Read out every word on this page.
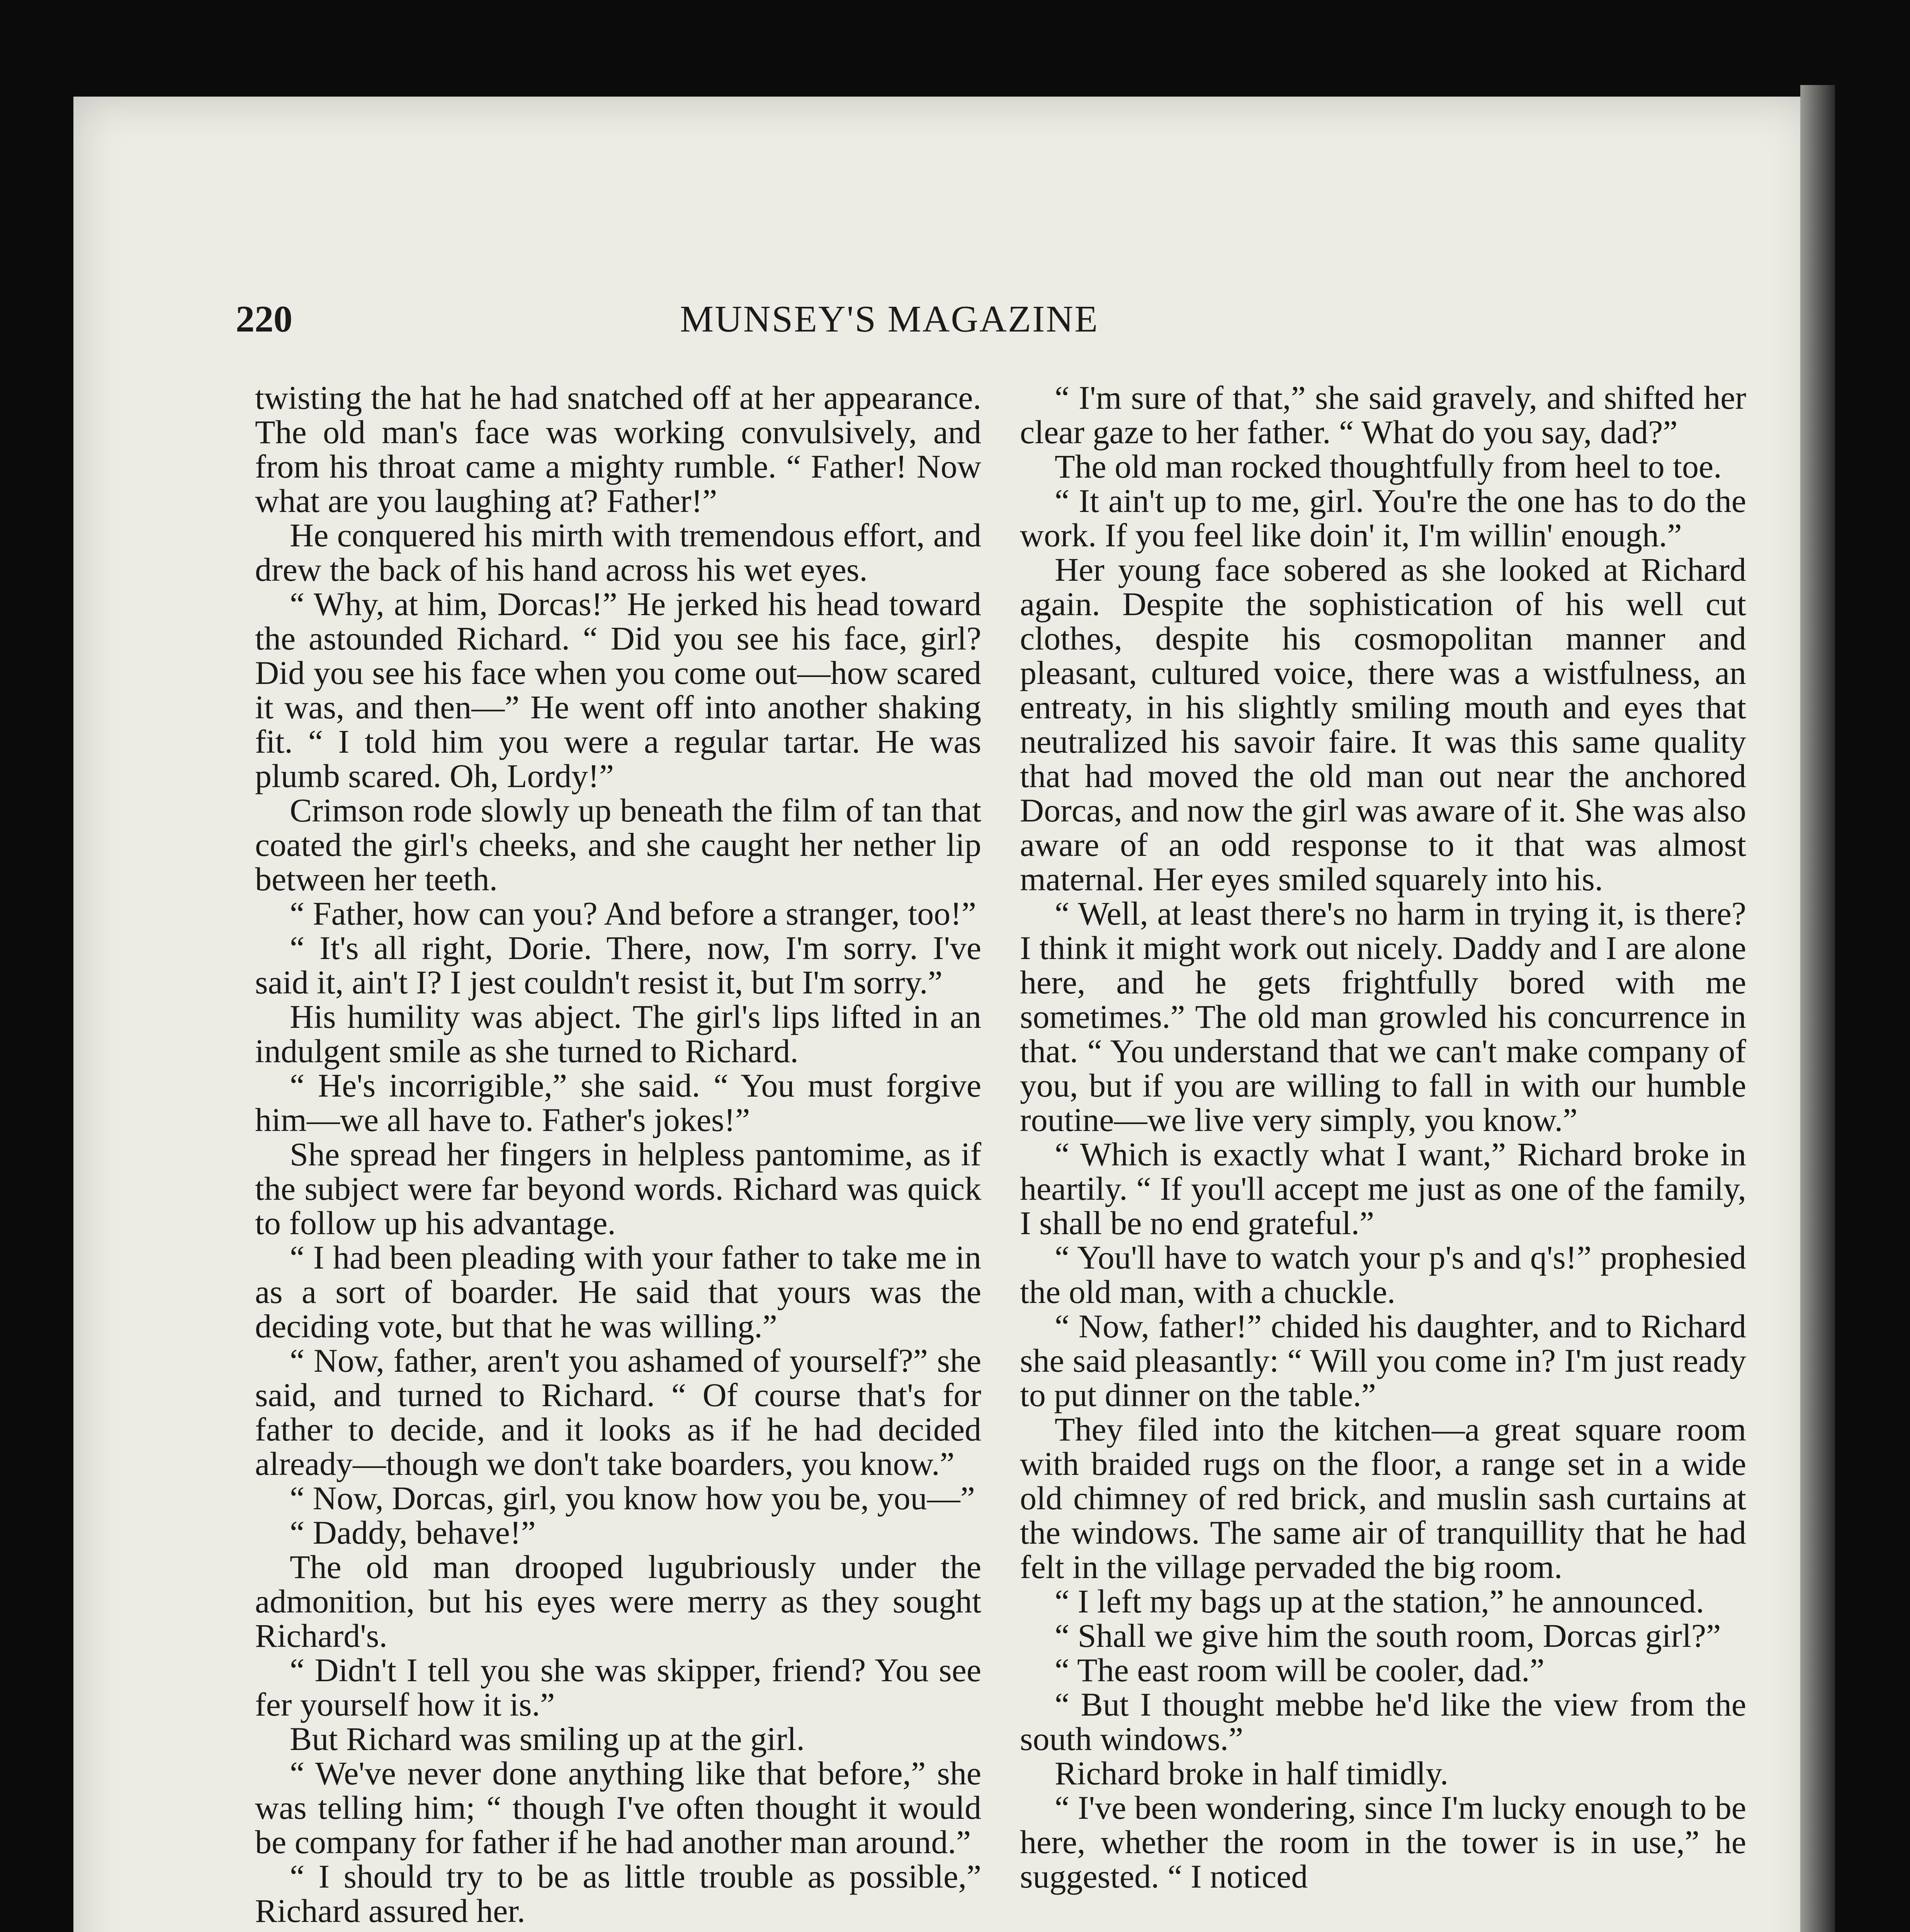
220	MUNSEY'S MAGAZINE

twisting the hat he had snatched off at her appearance. The old man's face was working convulsively, and from his throat came a mighty rumble. “ Father! Now what are you laughing at? Father!”

He conquered his mirth with tremendous effort, and drew the back of his hand across his wet eyes.

“ Why, at him, Dorcas!” He jerked his head toward the astounded Richard. “ Did you see his face, girl? Did you see his face when you come out—how scared it was, and then—” He went off into another shaking fit. “ I told him you were a regular tartar. He was plumb scared. Oh, Lordy!”

Crimson rode slowly up beneath the film of tan that coated the girl's cheeks, and she caught her nether lip between her teeth.

“ Father, how can you? And before a stranger, too!”

“ It's all right, Dorie. There, now, I'm sorry. I've said it, ain't I? I jest couldn't resist it, but I'm sorry.”

His humility was abject. The girl's lips lifted in an indulgent smile as she turned to Richard.

“ He's incorrigible,” she said. “ You must forgive him—we all have to. Father's jokes!”

She spread her fingers in helpless pantomime, as if the subject were far beyond words. Richard was quick to follow up his advantage.

“ I had been pleading with your father to take me in as a sort of boarder. He said that yours was the deciding vote, but that he was willing.”

“ Now, father, aren't you ashamed of yourself?” she said, and turned to Richard. “ Of course that's for father to decide, and it looks as if he had decided already—though we don't take boarders, you know.”

“ Now, Dorcas, girl, you know how you be, you—”

“ Daddy, behave!”

The old man drooped lugubriously under the admonition, but his eyes were merry as they sought Richard's.

“ Didn't I tell you she was skipper, friend? You see fer yourself how it is.”

But Richard was smiling up at the girl.

“ We've never done anything like that before,” she was telling him; “ though I've often thought it would be company for father if he had another man around.”

“ I should try to be as little trouble as possible,” Richard assured her.

“ I'm sure of that,” she said gravely, and shifted her clear gaze to her father. “ What do you say, dad?”

The old man rocked thoughtfully from heel to toe.

“ It ain't up to me, girl. You're the one has to do the work. If you feel like doin' it, I'm willin' enough.”

Her young face sobered as she looked at Richard again. Despite the sophistication of his well cut clothes, despite his cosmopolitan manner and pleasant, cultured voice, there was a wistfulness, an entreaty, in his slightly smiling mouth and eyes that neutralized his savoir faire. It was this same quality that had moved the old man out near the anchored Dorcas, and now the girl was aware of it. She was also aware of an odd response to it that was almost maternal. Her eyes smiled squarely into his.

“ Well, at least there's no harm in trying it, is there? I think it might work out nicely. Daddy and I are alone here, and he gets frightfully bored with me sometimes.” The old man growled his concurrence in that. “ You understand that we can't make company of you, but if you are willing to fall in with our humble routine—we live very simply, you know.”

“ Which is exactly what I want,” Richard broke in heartily. “ If you'll accept me just as one of the family, I shall be no end grateful.”

“ You'll have to watch your p's and q's!” prophesied the old man, with a chuckle.

“ Now, father!” chided his daughter, and to Richard she said pleasantly: “ Will you come in? I'm just ready to put dinner on the table.”

They filed into the kitchen—a great square room with braided rugs on the floor, a range set in a wide old chimney of red brick, and muslin sash curtains at the windows. The same air of tranquillity that he had felt in the village pervaded the big room.

“ I left my bags up at the station,” he announced.

“ Shall we give him the south room, Dorcas girl?”

“ The east room will be cooler, dad.”

“ But I thought mebbe he'd like the view from the south windows.”

Richard broke in half timidly.

“ I've been wondering, since I'm lucky enough to be here, whether the room in the tower is in use,” he suggested. “ I noticed
